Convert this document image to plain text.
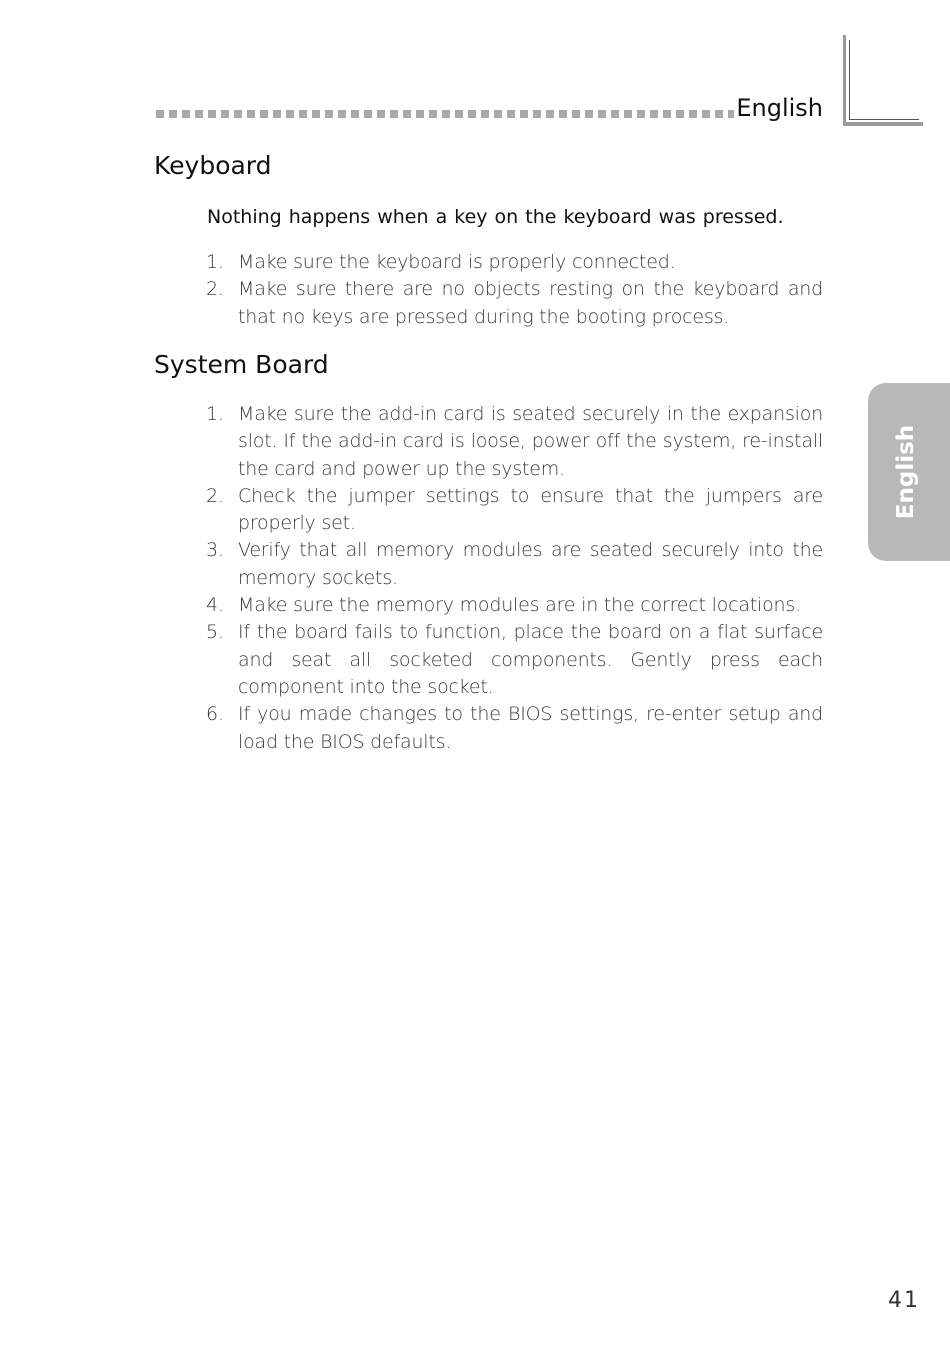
English
English
Keyboard
Nothing happens when a key on the keyboard was pressed.
1. Make sure the keyboard is properly connected.
2. Make sure there are no objects resting on the keyboard and that no keys are pressed during the booting process.
System Board
1. Make sure the add-in card is seated securely in the expansion slot. If the add-in card is loose, power off the system, re-install the card and power up the system.
2. Check the jumper settings to ensure that the jumpers are properly set.
3. Verify that all memory modules are seated securely into the memory sockets.
4. Make sure the memory modules are in the correct locations.
5. If the board fails to function, place the board on a flat surface and seat all socketed components. Gently press each component into the socket.
6. If you made changes to the BIOS settings, re-enter setup and load the BIOS defaults.
41
